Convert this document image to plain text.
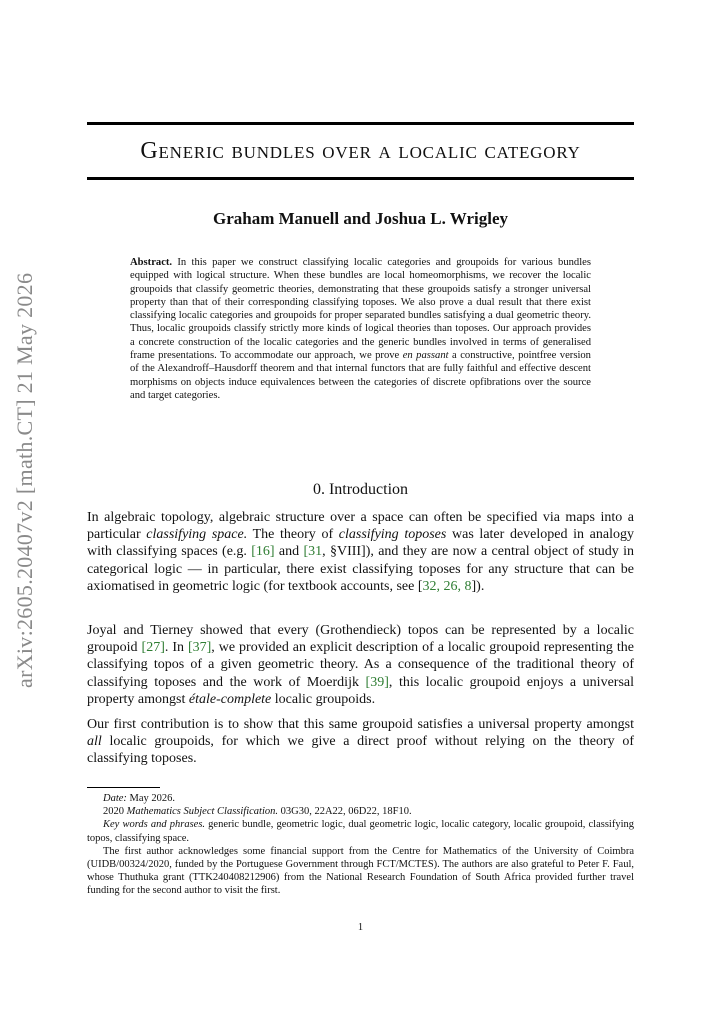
arXiv:2605.20407v2 [math.CT] 21 May 2026
Generic bundles over a localic category
Graham Manuell and Joshua L. Wrigley
Abstract. In this paper we construct classifying localic categories and groupoids for various bundles equipped with logical structure. When these bundles are local homeomorphisms, we recover the localic groupoids that classify geometric theories, demonstrating that these groupoids satisfy a stronger universal property than that of their corresponding classifying toposes. We also prove a dual result that there exist classifying localic categories and groupoids for proper separated bundles satisfying a dual geometric theory. Thus, localic groupoids classify strictly more kinds of logical theories than toposes. Our approach provides a concrete construction of the localic categories and the generic bundles involved in terms of generalised frame presentations. To accommodate our approach, we prove en passant a constructive, pointfree version of the Alexandroff–Hausdorff theorem and that internal functors that are fully faithful and effective descent morphisms on objects induce equivalences between the categories of discrete opfibrations over the source and target categories.
0. Introduction

In algebraic topology, algebraic structure over a space can often be specified via maps into a particular classifying space. The theory of classifying toposes was later developed in analogy with classifying spaces (e.g. [16] and [31, §VIII]), and they are now a central object of study in categorical logic — in particular, there exist classifying toposes for any structure that can be axiomatised in geometric logic (for textbook accounts, see [32, 26, 8]).

Joyal and Tierney showed that every (Grothendieck) topos can be represented by a localic groupoid [27]. In [37], we provided an explicit description of a localic groupoid representing the classifying topos of a given geometric theory. As a consequence of the traditional theory of classifying toposes and the work of Moerdijk [39], this localic groupoid enjoys a universal property amongst étale-complete localic groupoids.

Our first contribution is to show that this same groupoid satisfies a universal property amongst all localic groupoids, for which we give a direct proof without relying on the theory of classifying toposes.

Date: May 2026.

2020 Mathematics Subject Classification. 03G30, 22A22, 06D22, 18F10.

Key words and phrases. generic bundle, geometric logic, dual geometric logic, localic category, localic groupoid, classifying topos, classifying space.

The first author acknowledges some financial support from the Centre for Mathematics of the University of Coimbra (UIDB/00324/2020, funded by the Portuguese Government through FCT/MCTES). The authors are also grateful to Peter F. Faul, whose Thuthuka grant (TTK240408212906) from the National Research Foundation of South Africa provided further travel funding for the second author to visit the first.

1
